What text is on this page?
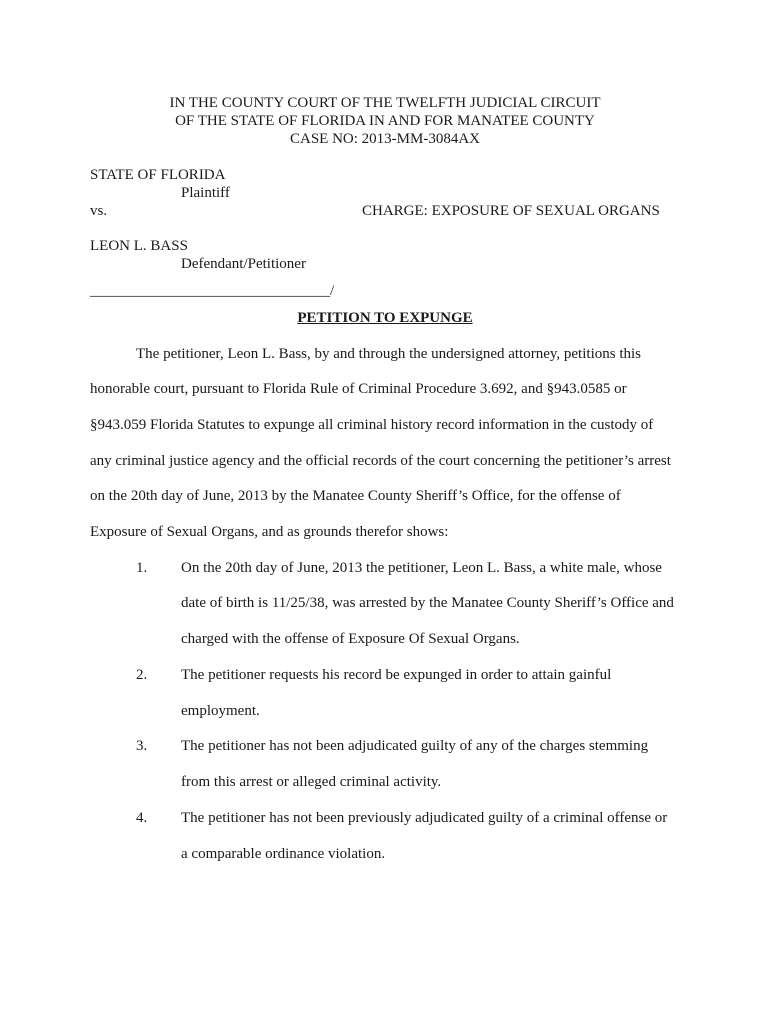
IN THE COUNTY COURT OF THE TWELFTH JUDICIAL CIRCUIT
OF THE STATE OF FLORIDA IN AND FOR MANATEE COUNTY
CASE NO: 2013-MM-3084AX
STATE OF FLORIDA
Plaintiff
vs.	CHARGE: EXPOSURE OF SEXUAL ORGANS
LEON L. BASS
Defendant/Petitioner
________________________________/
PETITION TO EXPUNGE
The petitioner, Leon L. Bass, by and through the undersigned attorney, petitions this
honorable court, pursuant to Florida Rule of Criminal Procedure 3.692, and §943.0585 or
§943.059 Florida Statutes to expunge all criminal history record information in the custody of
any criminal justice agency and the official records of the court concerning the petitioner’s arrest
on the 20th day of June, 2013 by the Manatee County Sheriff’s Office, for the offense of
Exposure of Sexual Organs, and as grounds therefor shows:
1. On the 20th day of June, 2013 the petitioner, Leon L. Bass, a white male, whose
date of birth is 11/25/38, was arrested by the Manatee County Sheriff’s Office and
charged with the offense of Exposure Of Sexual Organs.
2. The petitioner requests his record be expunged in order to attain gainful
employment.
3. The petitioner has not been adjudicated guilty of any of the charges stemming
from this arrest or alleged criminal activity.
4. The petitioner has not been previously adjudicated guilty of a criminal offense or
a comparable ordinance violation.
